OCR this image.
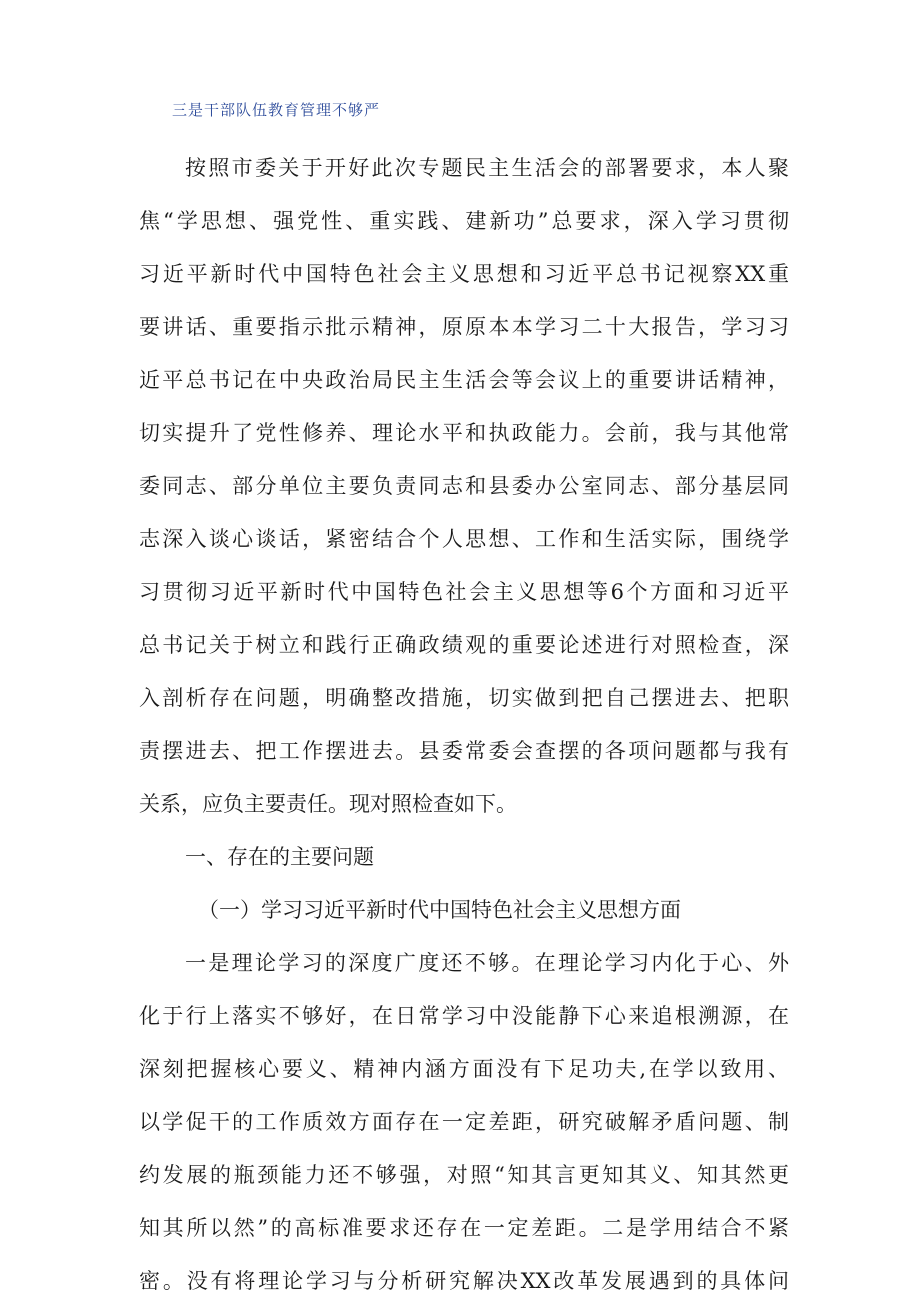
三是干部队伍教育管理不够严
按照市委关于开好此次专题民主生活会的部署要求，本人聚
焦“学思想、强党性、重实践、建新功”总要求，深入学习贯彻
习近平新时代中国特色社会主义思想和习近平总书记视察XX重
要讲话、重要指示批示精神，原原本本学习二十大报告，学习习
近平总书记在中央政治局民主生活会等会议上的重要讲话精神，
切实提升了党性修养、理论水平和执政能力。会前，我与其他常
委同志、部分单位主要负责同志和县委办公室同志、部分基层同
志深入谈心谈话，紧密结合个人思想、工作和生活实际，围绕学
习贯彻习近平新时代中国特色社会主义思想等6个方面和习近平
总书记关于树立和践行正确政绩观的重要论述进行对照检查，深
入剖析存在问题，明确整改措施，切实做到把自己摆进去、把职
责摆进去、把工作摆进去。县委常委会查摆的各项问题都与我有
关系，应负主要责任。现对照检查如下。
一、存在的主要问题
（一）学习习近平新时代中国特色社会主义思想方面
一是理论学习的深度广度还不够。在理论学习内化于心、外
化于行上落实不够好，在日常学习中没能静下心来追根溯源，在
深刻把握核心要义、精神内涵方面没有下足功夫,在学以致用、
以学促干的工作质效方面存在一定差距，研究破解矛盾问题、制
约发展的瓶颈能力还不够强，对照“知其言更知其义、知其然更
知其所以然”的高标准要求还存在一定差距。二是学用结合不紧
密。没有将理论学习与分析研究解决XX改革发展遇到的具体问
